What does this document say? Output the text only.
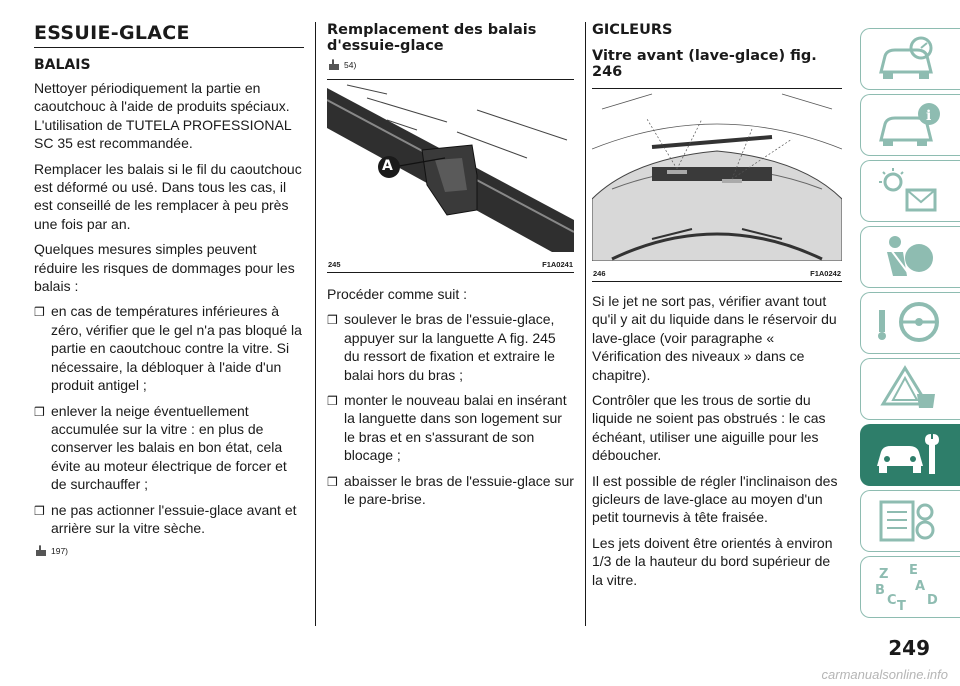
ESSUIE-GLACE
BALAIS

Nettoyer périodiquement la partie en caoutchouc à l'aide de produits spéciaux. L'utilisation de TUTELA PROFESSIONAL SC 35 est recommandée.

Remplacer les balais si le fil du caoutchouc est déformé ou usé. Dans tous les cas, il est conseillé de les remplacer à peu près une fois par an.

Quelques mesures simples peuvent réduire les risques de dommages pour les balais :

❒ en cas de températures inférieures à zéro, vérifier que le gel n'a pas bloqué la partie en caoutchouc contre la vitre. Si nécessaire, la débloquer à l'aide d'un produit antigel ;
❒ enlever la neige éventuellement accumulée sur la vitre : en plus de conserver les balais en bon état, cela évite au moteur électrique de forcer et de surchauffer ;
❒ ne pas actionner l'essuie-glace avant et arrière sur la vitre sèche.
197)
Remplacement des balais d'essuie-glace
54)
A
245	F1A0241

Procéder comme suit :

❒ soulever le bras de l'essuie-glace, appuyer sur la languette A fig. 245 du ressort de fixation et extraire le balai hors du bras ;
❒ monter le nouveau balai en insérant la languette dans son logement sur le bras et en s'assurant de son blocage ;
❒ abaisser le bras de l'essuie-glace sur le pare-brise.
GICLEURS
Vitre avant (lave-glace) fig. 246
246	F1A0242

Si le jet ne sort pas, vérifier avant tout qu'il y ait du liquide dans le réservoir du lave-glace (voir paragraphe « Vérification des niveaux » dans ce chapitre).

Contrôler que les trous de sortie du liquide ne soient pas obstrués : le cas échéant, utiliser une aiguille pour les déboucher.

Il est possible de régler l'inclinaison des gicleurs de lave-glace au moyen d'un petit tournevis à tête fraisée.

Les jets doivent être orientés à environ 1/3 de la hauteur du bord supérieur de la vitre.

i
Z E
A
B
C T D
249
carmanualsonline.info
